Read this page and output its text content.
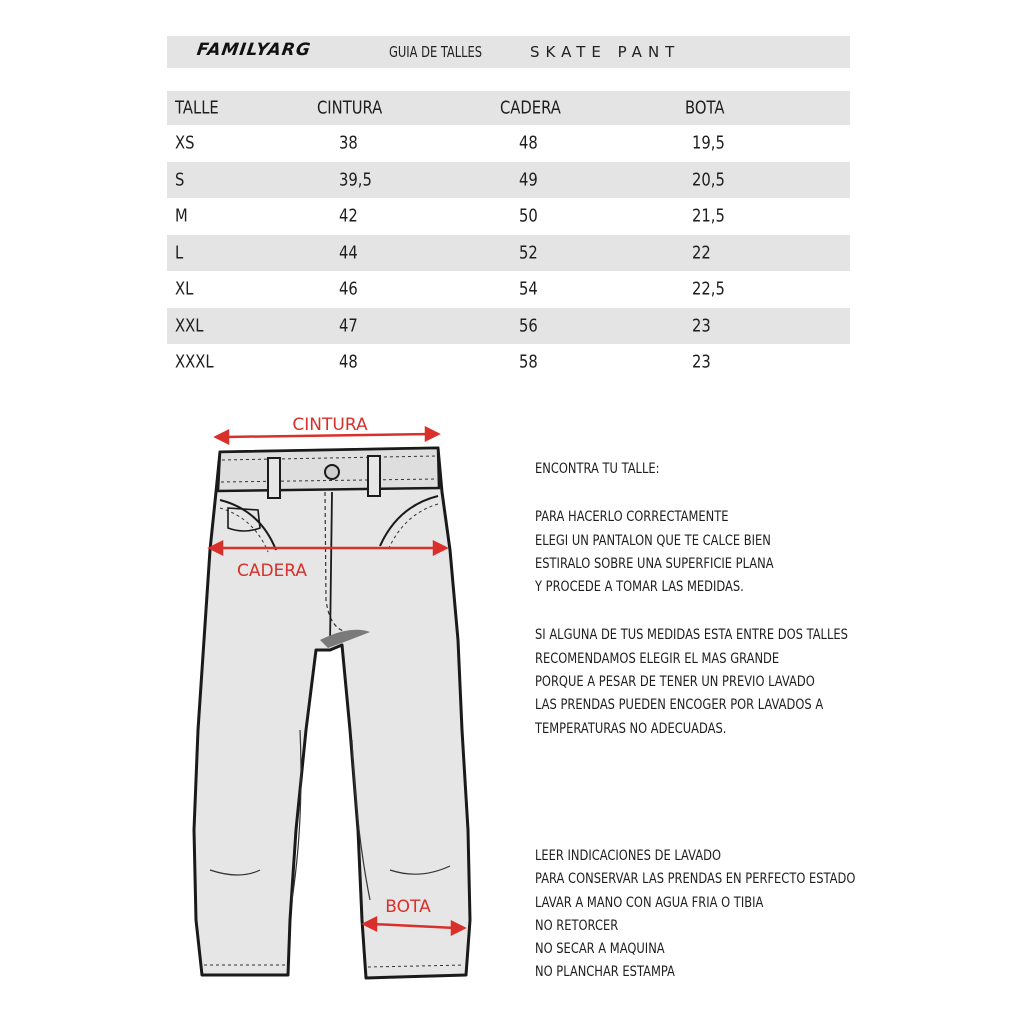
FAMILYARG	GUIA DE TALLES	SKATE PANT
TALLE	CINTURA	CADERA	BOTA
XS	38	48	19,5
S	39,5	49	20,5
M	42	50	21,5
L	44	52	22
XL	46	54	22,5
XXL	47	56	23
XXXL	48	58	23
CINTURA
CADERA
BOTA
ENCONTRA TU TALLE:
PARA HACERLO CORRECTAMENTE
ELEGI UN PANTALON QUE TE CALCE BIEN
ESTIRALO SOBRE UNA SUPERFICIE PLANA
Y PROCEDE A TOMAR LAS MEDIDAS.
SI ALGUNA DE TUS MEDIDAS ESTA ENTRE DOS TALLES
RECOMENDAMOS ELEGIR EL MAS GRANDE
PORQUE A PESAR DE TENER UN PREVIO LAVADO
LAS PRENDAS PUEDEN ENCOGER POR LAVADOS A
TEMPERATURAS NO ADECUADAS.
LEER INDICACIONES DE LAVADO
PARA CONSERVAR LAS PRENDAS EN PERFECTO ESTADO
LAVAR A MANO CON AGUA FRIA O TIBIA
NO RETORCER
NO SECAR A MAQUINA
NO PLANCHAR ESTAMPA
